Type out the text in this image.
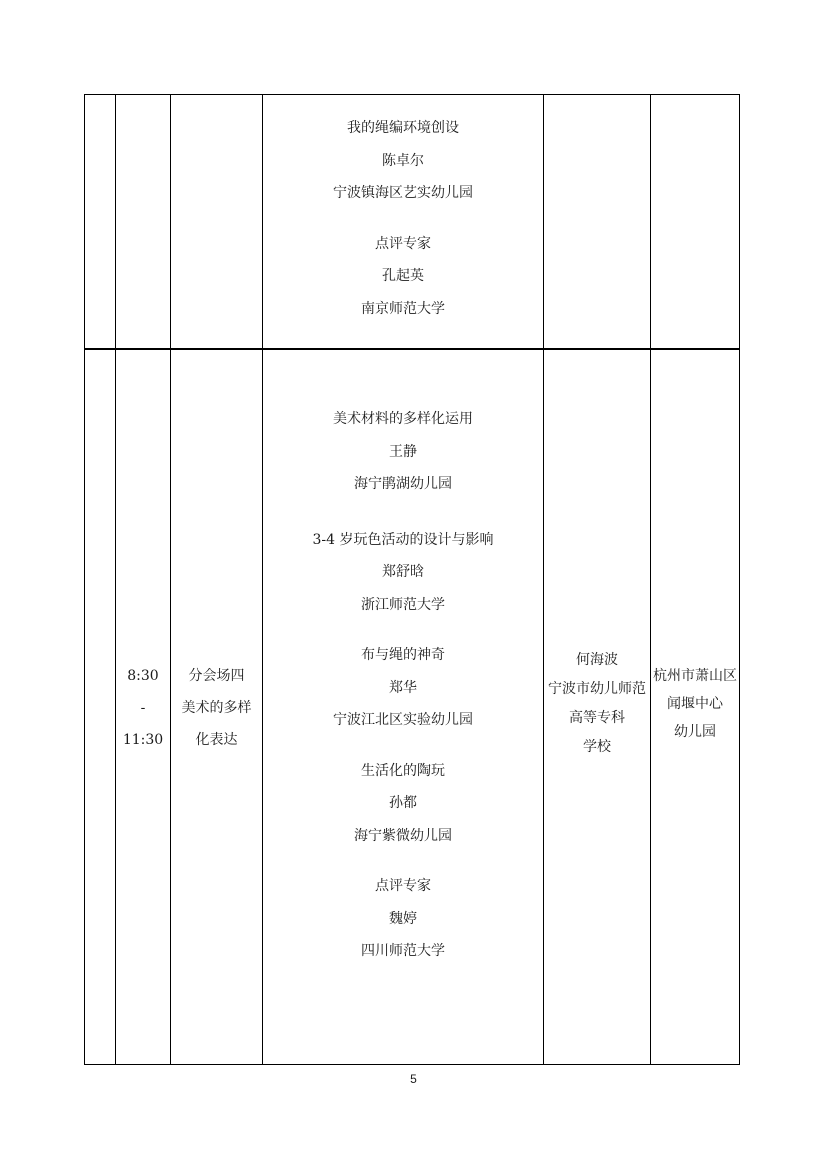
我的绳编环境创设
陈卓尔
宁波镇海区艺实幼儿园
点评专家
孔起英
南京师范大学
8:30
-
11:30
分会场四
美术的多样
化表达
美术材料的多样化运用
王静
海宁鹃湖幼儿园
3-4 岁玩色活动的设计与影响
郑舒晗
浙江师范大学
布与绳的神奇
郑华
宁波江北区实验幼儿园
生活化的陶玩
孙都
海宁紫微幼儿园
点评专家
魏婷
四川师范大学
何海波
宁波市幼儿师范
高等专科
学校
杭州市萧山区
闻堰中心
幼儿园
5
